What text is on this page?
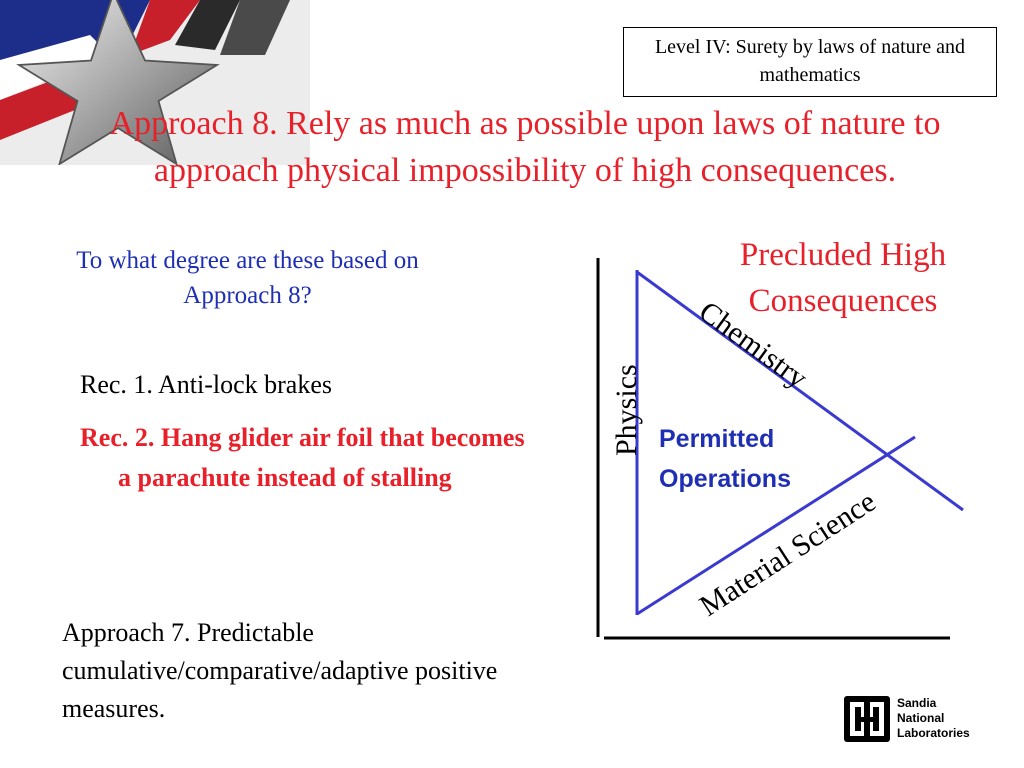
Level IV: Surety by laws of nature and mathematics
Approach 8. Rely as much as possible upon laws of nature to approach physical impossibility of high consequences.
To what degree are these based on Approach 8?
Rec. 1. Anti-lock brakes
Rec. 2. Hang glider air foil that becomes a parachute instead of stalling
Approach 7. Predictable cumulative/comparative/adaptive positive measures.
Precluded High Consequences
Physics
Chemistry
Material Science
Permitted
Operations
Sandia
National
Laboratories
